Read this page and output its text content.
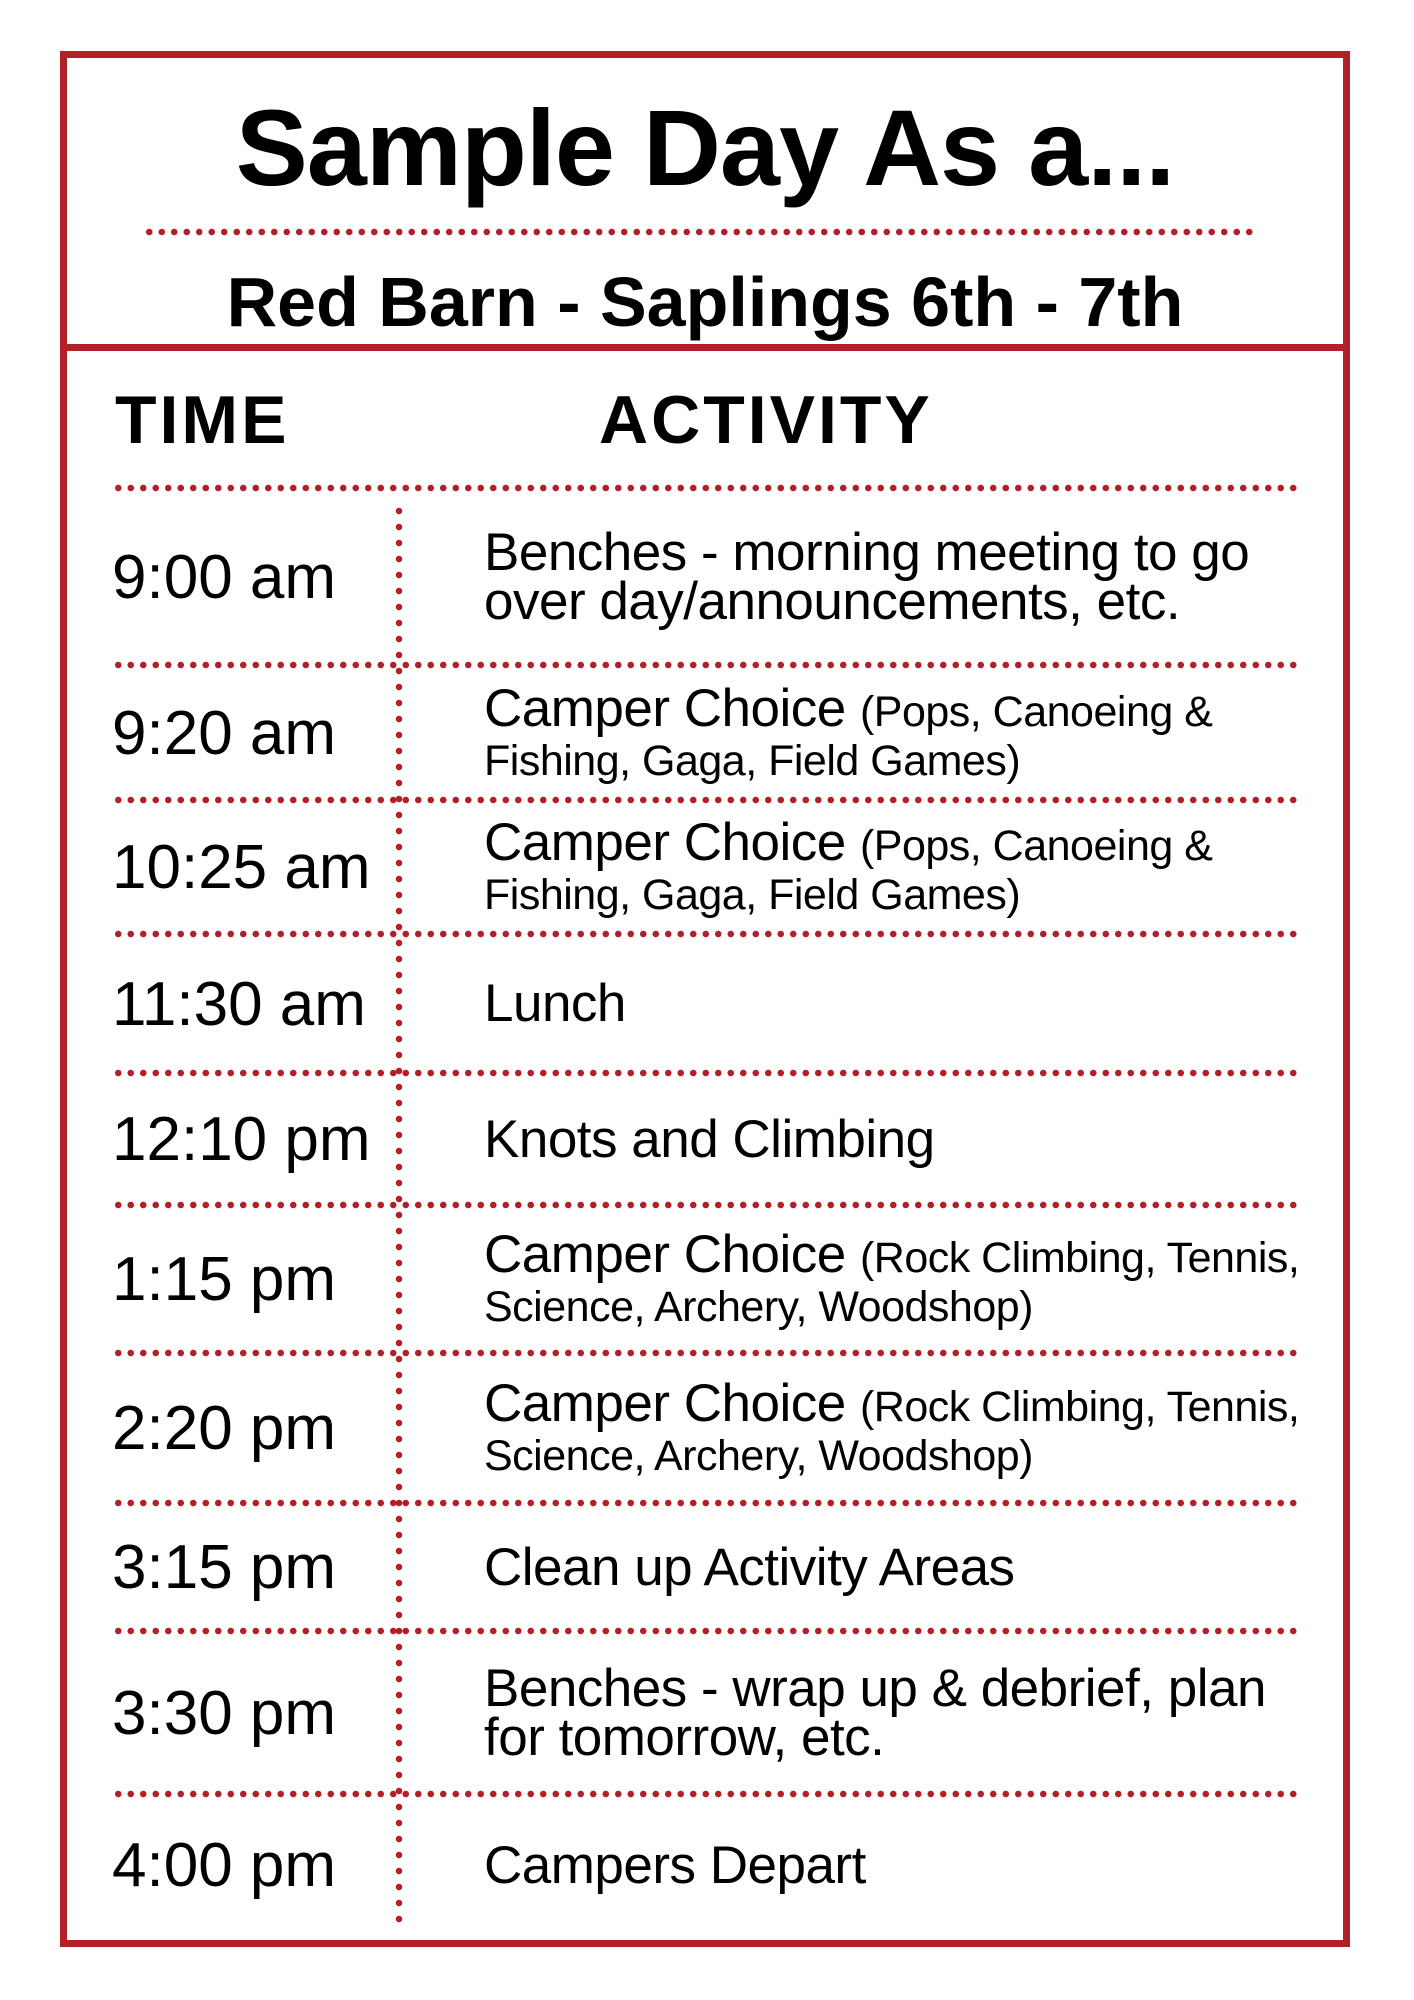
Sample Day As a...
Red Barn - Saplings 6th - 7th
TIME	ACTIVITY
9:00 am	Benches - morning meeting to go over day/announcements, etc.
9:20 am	Camper Choice (Pops, Canoeing & Fishing, Gaga, Field Games)
10:25 am	Camper Choice (Pops, Canoeing & Fishing, Gaga, Field Games)
11:30 am	Lunch
12:10 pm	Knots and Climbing
1:15 pm	Camper Choice (Rock Climbing, Tennis, Science, Archery, Woodshop)
2:20 pm	Camper Choice (Rock Climbing, Tennis, Science, Archery, Woodshop)
3:15 pm	Clean up Activity Areas
3:30 pm	Benches - wrap up & debrief, plan for tomorrow, etc.
4:00 pm	Campers Depart
